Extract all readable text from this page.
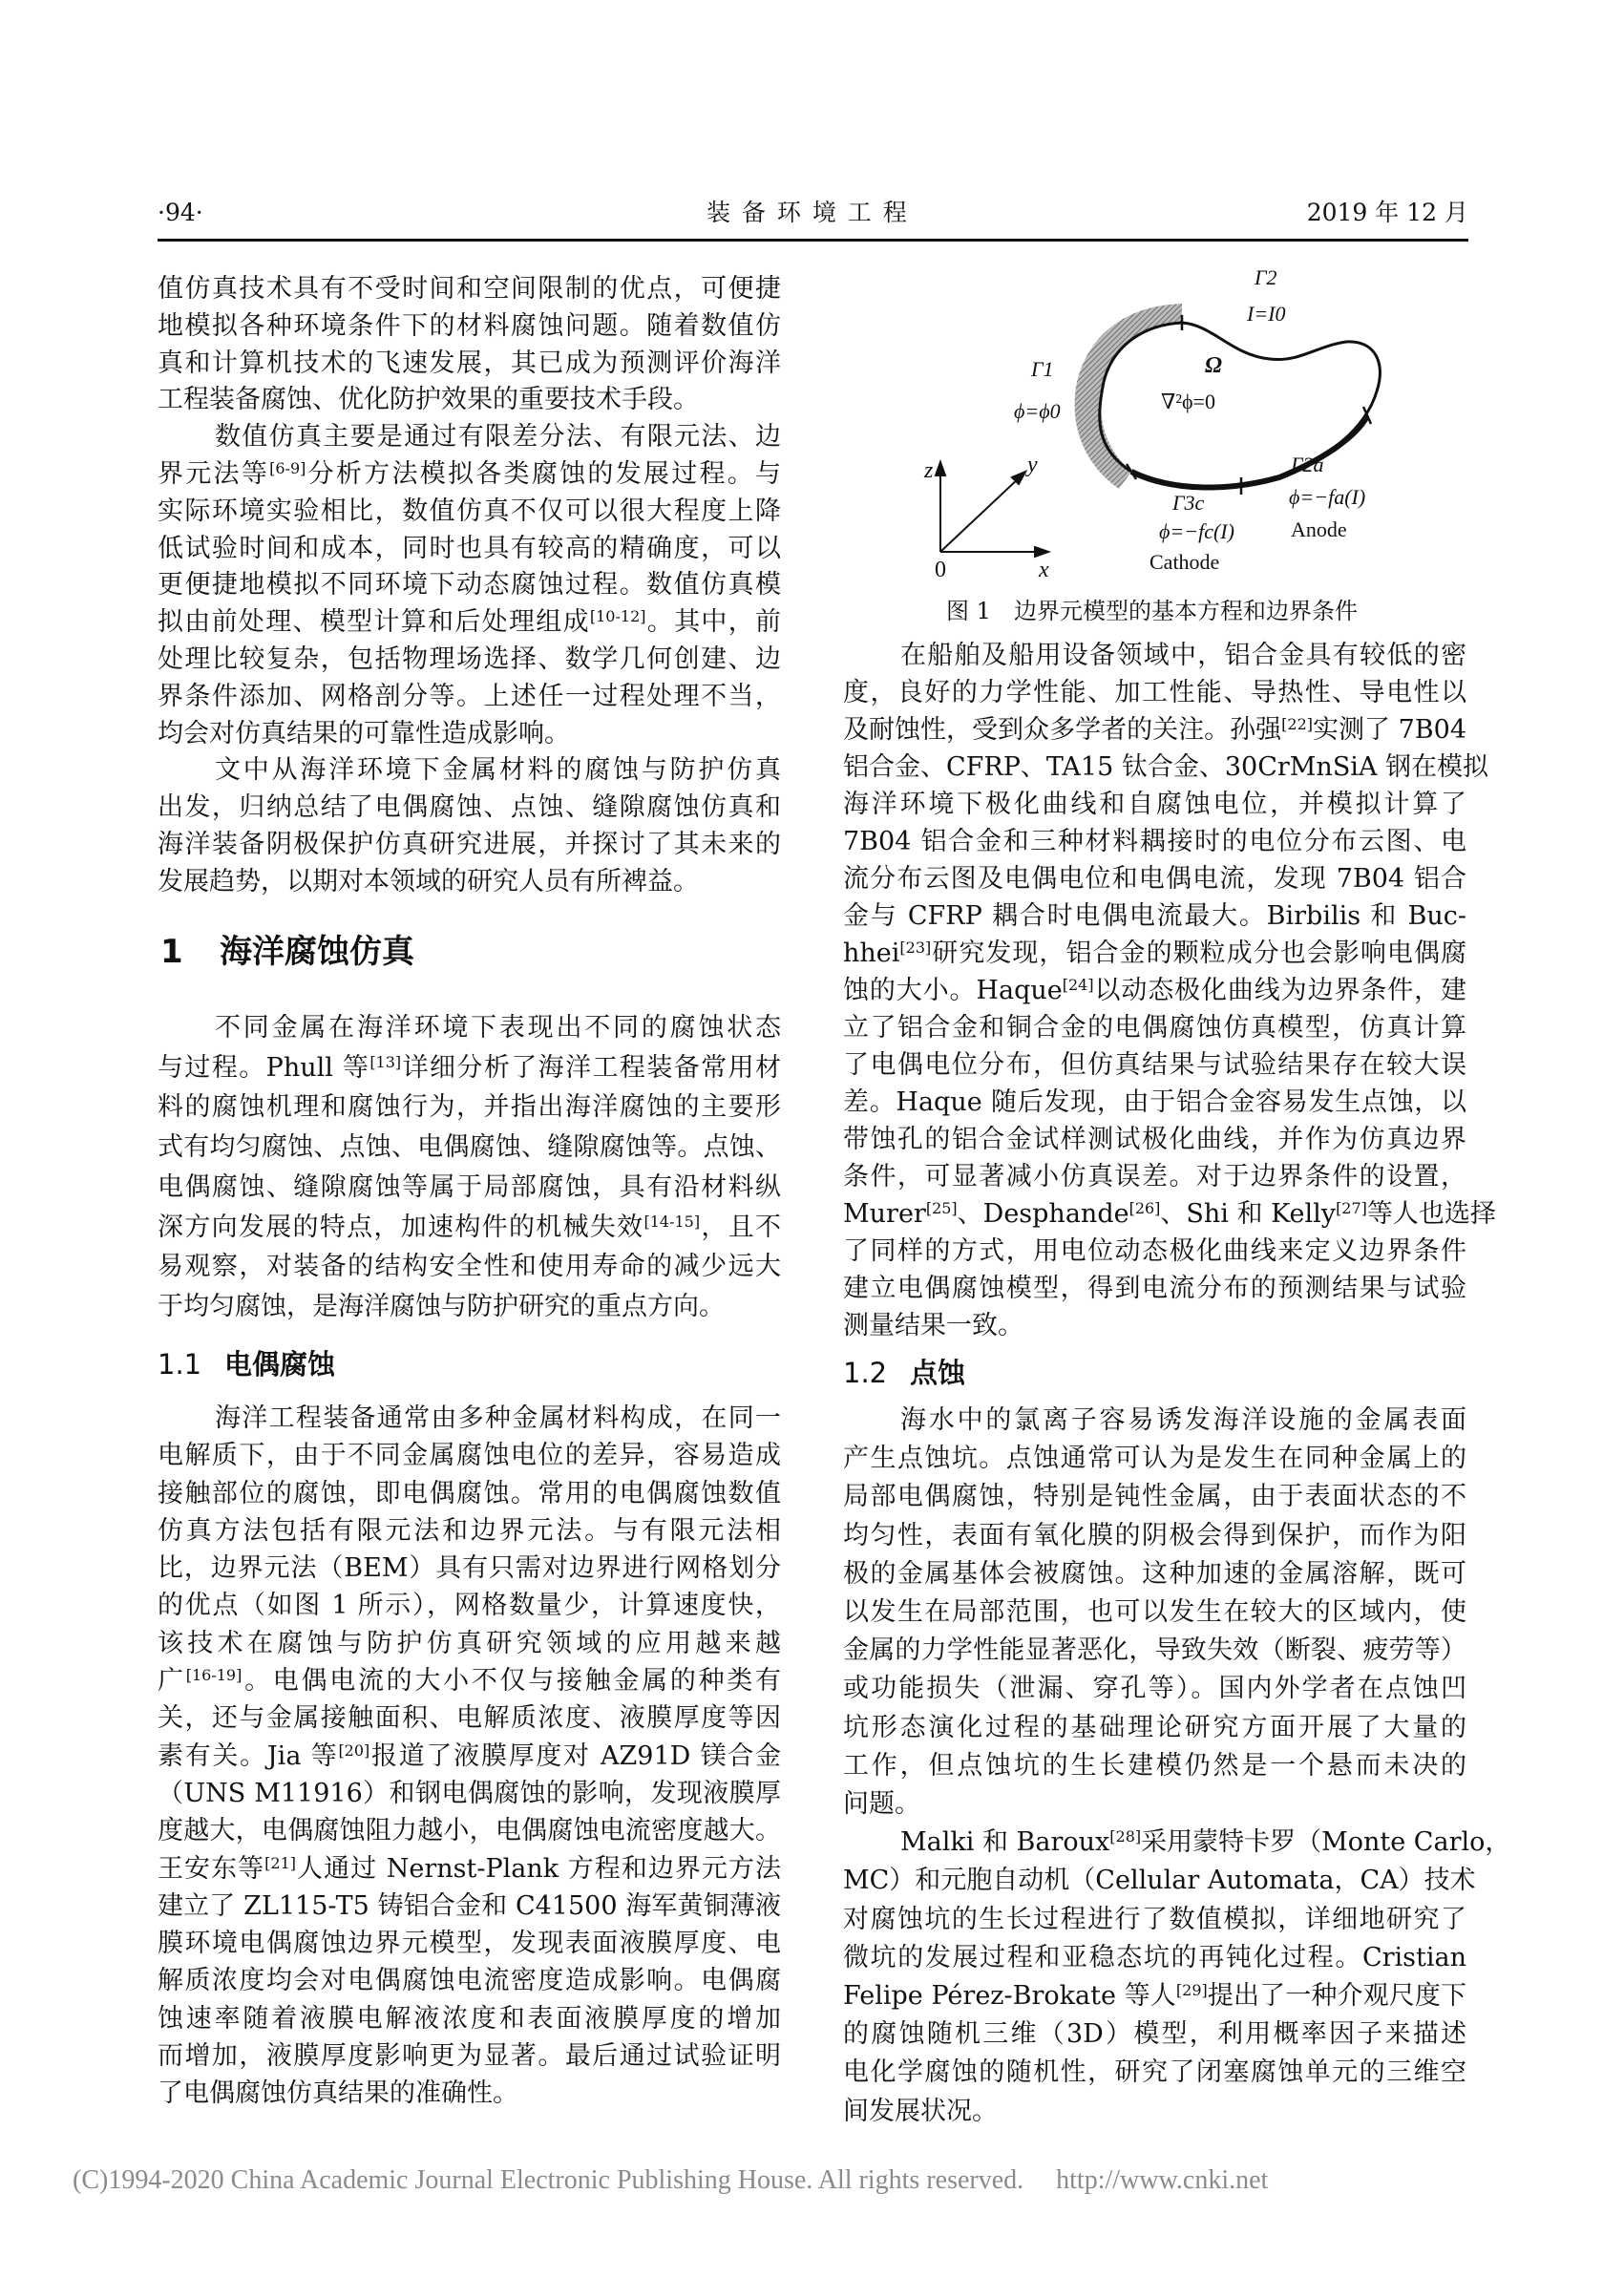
·94·	装 备 环 境 工 程	2019 年 12 月
值仿真技术具有不受时间和空间限制的优点，可便捷
地模拟各种环境条件下的材料腐蚀问题。随着数值仿
真和计算机技术的飞速发展，其已成为预测评价海洋
工程装备腐蚀、优化防护效果的重要技术手段。
数值仿真主要是通过有限差分法、有限元法、边
界元法等[6-9]分析方法模拟各类腐蚀的发展过程。与
实际环境实验相比，数值仿真不仅可以很大程度上降
低试验时间和成本，同时也具有较高的精确度，可以
更便捷地模拟不同环境下动态腐蚀过程。数值仿真模
拟由前处理、模型计算和后处理组成[10-12]。其中，前
处理比较复杂，包括物理场选择、数学几何创建、边
界条件添加、网格剖分等。上述任一过程处理不当，
均会对仿真结果的可靠性造成影响。
文中从海洋环境下金属材料的腐蚀与防护仿真
出发，归纳总结了电偶腐蚀、点蚀、缝隙腐蚀仿真和
海洋装备阴极保护仿真研究进展，并探讨了其未来的
发展趋势，以期对本领域的研究人员有所裨益。
1 海洋腐蚀仿真
不同金属在海洋环境下表现出不同的腐蚀状态
与过程。Phull 等[13]详细分析了海洋工程装备常用材
料的腐蚀机理和腐蚀行为，并指出海洋腐蚀的主要形
式有均匀腐蚀、点蚀、电偶腐蚀、缝隙腐蚀等。点蚀、
电偶腐蚀、缝隙腐蚀等属于局部腐蚀，具有沿材料纵
深方向发展的特点，加速构件的机械失效[14-15]，且不
易观察，对装备的结构安全性和使用寿命的减少远大
于均匀腐蚀，是海洋腐蚀与防护研究的重点方向。
1.1 电偶腐蚀
海洋工程装备通常由多种金属材料构成，在同一
电解质下，由于不同金属腐蚀电位的差异，容易造成
接触部位的腐蚀，即电偶腐蚀。常用的电偶腐蚀数值
仿真方法包括有限元法和边界元法。与有限元法相
比，边界元法（BEM）具有只需对边界进行网格划分
的优点（如图 1 所示），网格数量少，计算速度快，
该技术在腐蚀与防护仿真研究领域的应用越来越
广[16-19]。电偶电流的大小不仅与接触金属的种类有
关，还与金属接触面积、电解质浓度、液膜厚度等因
素有关。Jia 等[20]报道了液膜厚度对 AZ91D 镁合金
（UNS M11916）和钢电偶腐蚀的影响，发现液膜厚
度越大，电偶腐蚀阻力越小，电偶腐蚀电流密度越大。
王安东等[21]人通过 Nernst-Plank 方程和边界元方法
建立了 ZL115-T5 铸铝合金和 C41500 海军黄铜薄液
膜环境电偶腐蚀边界元模型，发现表面液膜厚度、电
解质浓度均会对电偶腐蚀电流密度造成影响。电偶腐
蚀速率随着液膜电解液浓度和表面液膜厚度的增加
而增加，液膜厚度影响更为显著。最后通过试验证明
了电偶腐蚀仿真结果的准确性。
z	y
x
0
Γ1
ϕ=ϕ0
Ω
∇²ϕ=0
Γ2
I=I0
Γ3c
ϕ=−fc(I)
Cathode
Γ2a
ϕ=−fa(I)
Anode
图 1 边界元模型的基本方程和边界条件
在船舶及船用设备领域中，铝合金具有较低的密
度，良好的力学性能、加工性能、导热性、导电性以
及耐蚀性，受到众多学者的关注。孙强[22]实测了 7B04
铝合金、CFRP、TA15 钛合金、30CrMnSiA 钢在模拟
海洋环境下极化曲线和自腐蚀电位，并模拟计算了
7B04 铝合金和三种材料耦接时的电位分布云图、电
流分布云图及电偶电位和电偶电流，发现 7B04 铝合
金与 CFRP 耦合时电偶电流最大。Birbilis 和 Buc-
hhei[23]研究发现，铝合金的颗粒成分也会影响电偶腐
蚀的大小。Haque[24]以动态极化曲线为边界条件，建
立了铝合金和铜合金的电偶腐蚀仿真模型，仿真计算
了电偶电位分布，但仿真结果与试验结果存在较大误
差。Haque 随后发现，由于铝合金容易发生点蚀，以
带蚀孔的铝合金试样测试极化曲线，并作为仿真边界
条件，可显著减小仿真误差。对于边界条件的设置，
Murer[25]、Desphande[26]、Shi 和 Kelly[27]等人也选择
了同样的方式，用电位动态极化曲线来定义边界条件
建立电偶腐蚀模型，得到电流分布的预测结果与试验
测量结果一致。
1.2 点蚀
海水中的氯离子容易诱发海洋设施的金属表面
产生点蚀坑。点蚀通常可认为是发生在同种金属上的
局部电偶腐蚀，特别是钝性金属，由于表面状态的不
均匀性，表面有氧化膜的阴极会得到保护，而作为阳
极的金属基体会被腐蚀。这种加速的金属溶解，既可
以发生在局部范围，也可以发生在较大的区域内，使
金属的力学性能显著恶化，导致失效（断裂、疲劳等）
或功能损失（泄漏、穿孔等）。国内外学者在点蚀凹
坑形态演化过程的基础理论研究方面开展了大量的
工作，但点蚀坑的生长建模仍然是一个悬而未决的
问题。
Malki 和 Baroux[28]采用蒙特卡罗（Monte Carlo，
MC）和元胞自动机（Cellular Automata，CA）技术
对腐蚀坑的生长过程进行了数值模拟，详细地研究了
微坑的发展过程和亚稳态坑的再钝化过程。Cristian
Felipe Pérez-Brokate 等人[29]提出了一种介观尺度下
的腐蚀随机三维（3D）模型，利用概率因子来描述
电化学腐蚀的随机性，研究了闭塞腐蚀单元的三维空
间发展状况。
(C)1994-2020 China Academic Journal Electronic Publishing House. All rights reserved. http://www.cnki.net
